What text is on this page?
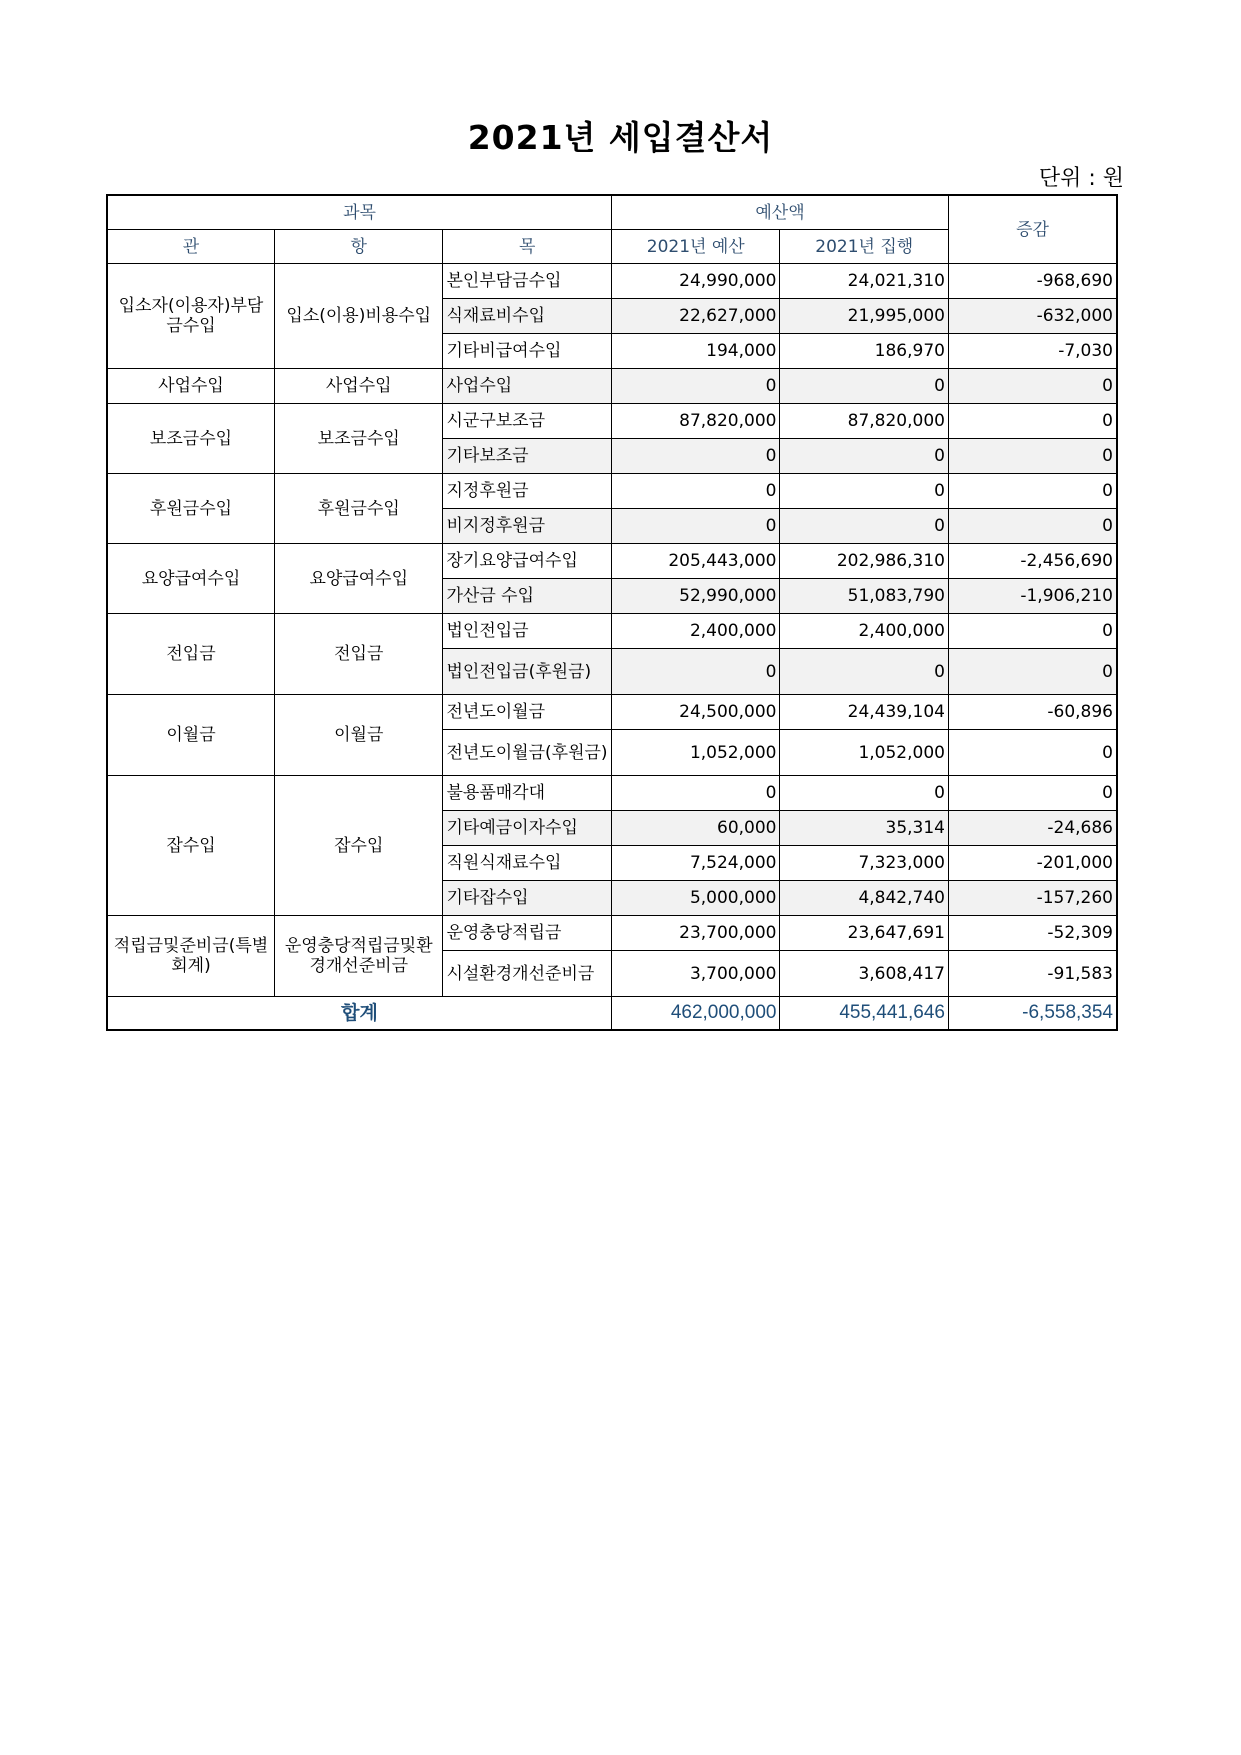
2021년 세입결산서
단위 : 원
과목			예산액		증감
관	항	목	2021년 예산	2021년 집행	
입소자(이용자)부담금수입	입소(이용)비용수입	본인부담금수입	24,990,000	24,021,310	-968,690
		식재료비수입	22,627,000	21,995,000	-632,000
		기타비급여수입	194,000	186,970	-7,030
사업수입	사업수입	사업수입	0	0	0
보조금수입	보조금수입	시군구보조금	87,820,000	87,820,000	0
		기타보조금	0	0	0
후원금수입	후원금수입	지정후원금	0	0	0
		비지정후원금	0	0	0
요양급여수입	요양급여수입	장기요양급여수입	205,443,000	202,986,310	-2,456,690
		가산금 수입	52,990,000	51,083,790	-1,906,210
전입금	전입금	법인전입금	2,400,000	2,400,000	0
		법인전입금(후원금)	0	0	0
이월금	이월금	전년도이월금	24,500,000	24,439,104	-60,896
		전년도이월금(후원금)	1,052,000	1,052,000	0
잡수입	잡수입	불용품매각대	0	0	0
		기타예금이자수입	60,000	35,314	-24,686
		직원식재료수입	7,524,000	7,323,000	-201,000
		기타잡수입	5,000,000	4,842,740	-157,260
적립금및준비금(특별회계)	운영충당적립금및환경개선준비금	운영충당적립금	23,700,000	23,647,691	-52,309
		시설환경개선준비금	3,700,000	3,608,417	-91,583
합계			462,000,000	455,441,646	-6,558,354
